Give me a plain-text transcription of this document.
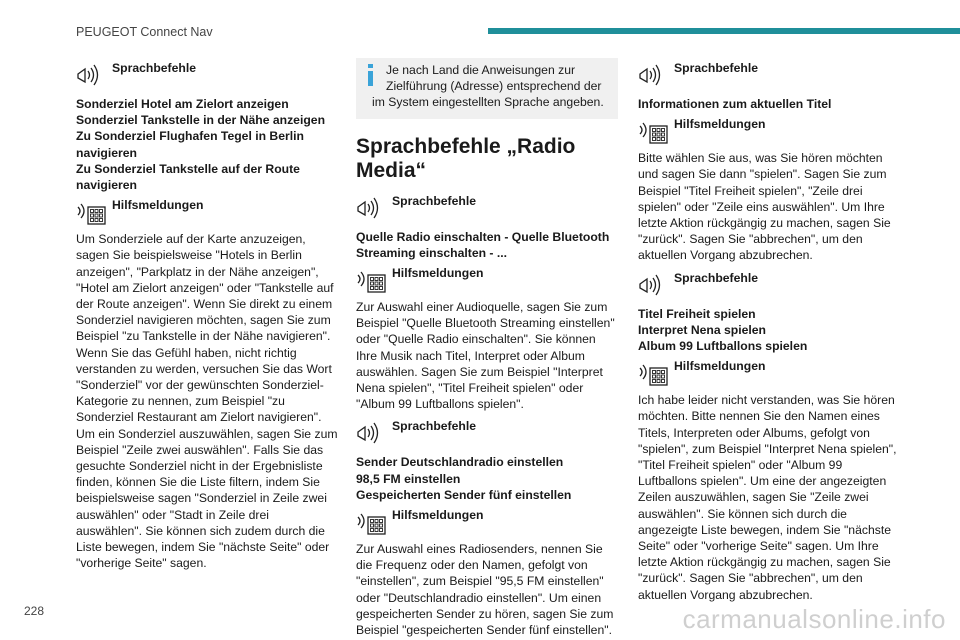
PEUGEOT Connect Nav
Sprachbefehle
Sonderziel Hotel am Zielort anzeigen
Sonderziel Tankstelle in der Nähe anzeigen
Zu Sonderziel Flughafen Tegel in Berlin navigieren
Zu Sonderziel Tankstelle auf der Route navigieren
Hilfsmeldungen
Um Sonderziele auf der Karte anzuzeigen, sagen Sie beispielsweise "Hotels in Berlin anzeigen", "Parkplatz in der Nähe anzeigen", "Hotel am Zielort anzeigen" oder "Tankstelle auf der Route anzeigen". Wenn Sie direkt zu einem Sonderziel navigieren möchten, sagen Sie zum Beispiel "zu Tankstelle in der Nähe navigieren". Wenn Sie das Gefühl haben, nicht richtig verstanden zu werden, versuchen Sie das Wort "Sonderziel" vor der gewünschten Sonderziel-Kategorie zu nennen, zum Beispiel "zu Sonderziel Restaurant am Zielort navigieren". Um ein Sonderziel auszuwählen, sagen Sie zum Beispiel "Zeile zwei auswählen". Falls Sie das gesuchte Sonderziel nicht in der Ergebnisliste finden, können Sie die Liste filtern, indem Sie beispielsweise sagen "Sonderziel in Zeile zwei auswählen" oder "Stadt in Zeile drei auswählen". Sie können sich zudem durch die Liste bewegen, indem Sie "nächste Seite" oder "vorherige Seite" sagen.
Je nach Land die Anweisungen zur
Zielführung (Adresse) entsprechend der
im System eingestellten Sprache angeben.
Sprachbefehle „Radio Media“
Sprachbefehle
Quelle Radio einschalten - Quelle Bluetooth Streaming einschalten - ...
Hilfsmeldungen
Zur Auswahl einer Audioquelle, sagen Sie zum Beispiel "Quelle Bluetooth Streaming einstellen" oder "Quelle Radio einschalten". Sie können Ihre Musik nach Titel, Interpret oder Album auswählen. Sagen Sie zum Beispiel "Interpret Nena spielen", "Titel Freiheit spielen" oder "Album 99 Luftballons spielen".
Sprachbefehle
Sender Deutschlandradio einstellen
98,5 FM einstellen
Gespeicherten Sender fünf einstellen
Hilfsmeldungen
Zur Auswahl eines Radiosenders, nennen Sie die Frequenz oder den Namen, gefolgt von "einstellen", zum Beispiel "95,5 FM einstellen" oder "Deutschlandradio einstellen". Um einen gespeicherten Sender zu hören, sagen Sie zum Beispiel "gespeicherten Sender fünf einstellen".
Sprachbefehle
Informationen zum aktuellen Titel
Hilfsmeldungen
Bitte wählen Sie aus, was Sie hören möchten und sagen Sie dann "spielen". Sagen Sie zum Beispiel "Titel Freiheit spielen", "Zeile drei spielen" oder "Zeile eins auswählen". Um Ihre letzte Aktion rückgängig zu machen, sagen Sie "zurück". Sagen Sie "abbrechen", um den aktuellen Vorgang abzubrechen.
Sprachbefehle
Titel Freiheit spielen
Interpret Nena spielen
Album 99 Luftballons spielen
Hilfsmeldungen
Ich habe leider nicht verstanden, was Sie hören möchten. Bitte nennen Sie den Namen eines Titels, Interpreten oder Albums, gefolgt von "spielen", zum Beispiel "Interpret Nena spielen", "Titel Freiheit spielen" oder "Album 99 Luftballons spielen". Um eine der angezeigten Zeilen auszuwählen, sagen Sie "Zeile zwei auswählen". Sie können sich durch die angezeigte Liste bewegen, indem Sie "nächste Seite" oder "vorherige Seite" sagen. Um Ihre letzte Aktion rückgängig zu machen, sagen Sie "zurück". Sagen Sie "abbrechen", um den aktuellen Vorgang abzubrechen.
228	carmanualsonline.info
